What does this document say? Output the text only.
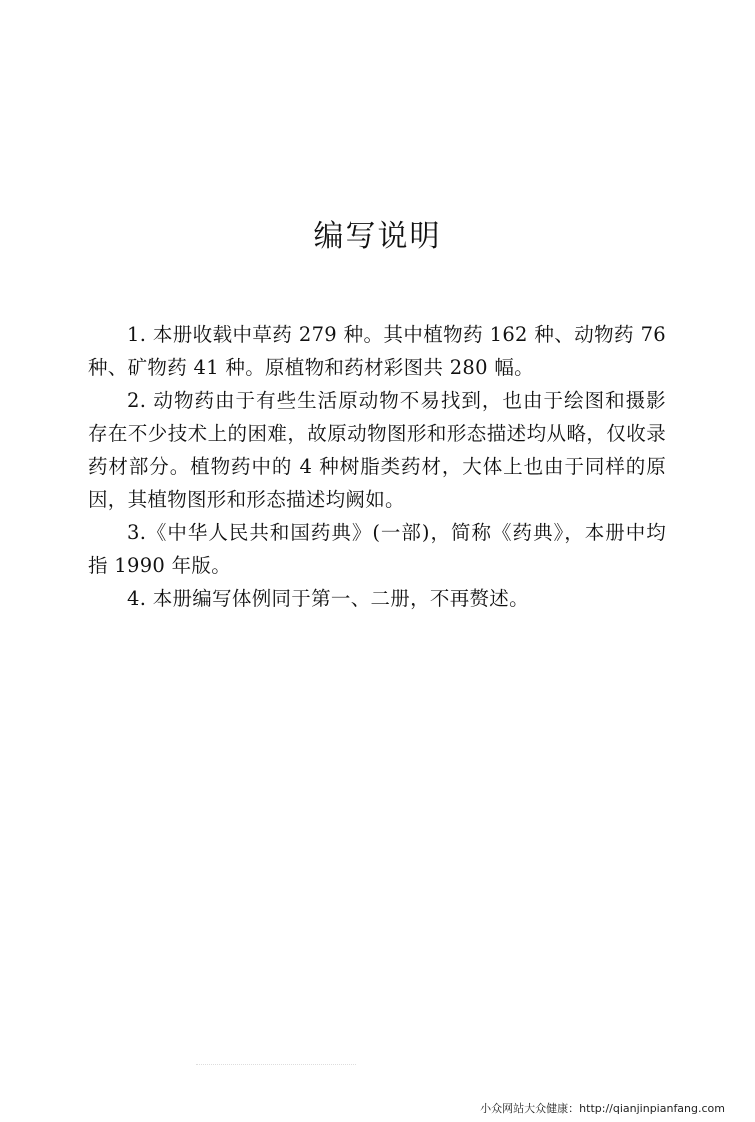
编写说明

1. 本册收载中草药 279 种。其中植物药 162 种、动物药 76 种、矿物药 41 种。原植物和药材彩图共 280 幅。

2. 动物药由于有些生活原动物不易找到，也由于绘图和摄影存在不少技术上的困难，故原动物图形和形态描述均从略，仅收录药材部分。植物药中的 4 种树脂类药材，大体上也由于同样的原因，其植物图形和形态描述均阙如。

3.《中华人民共和国药典》(一部)，简称《药典》，本册中均指 1990 年版。

4. 本册编写体例同于第一、二册，不再赘述。

小众网站大众健康：http://qianjinpianfang.com
